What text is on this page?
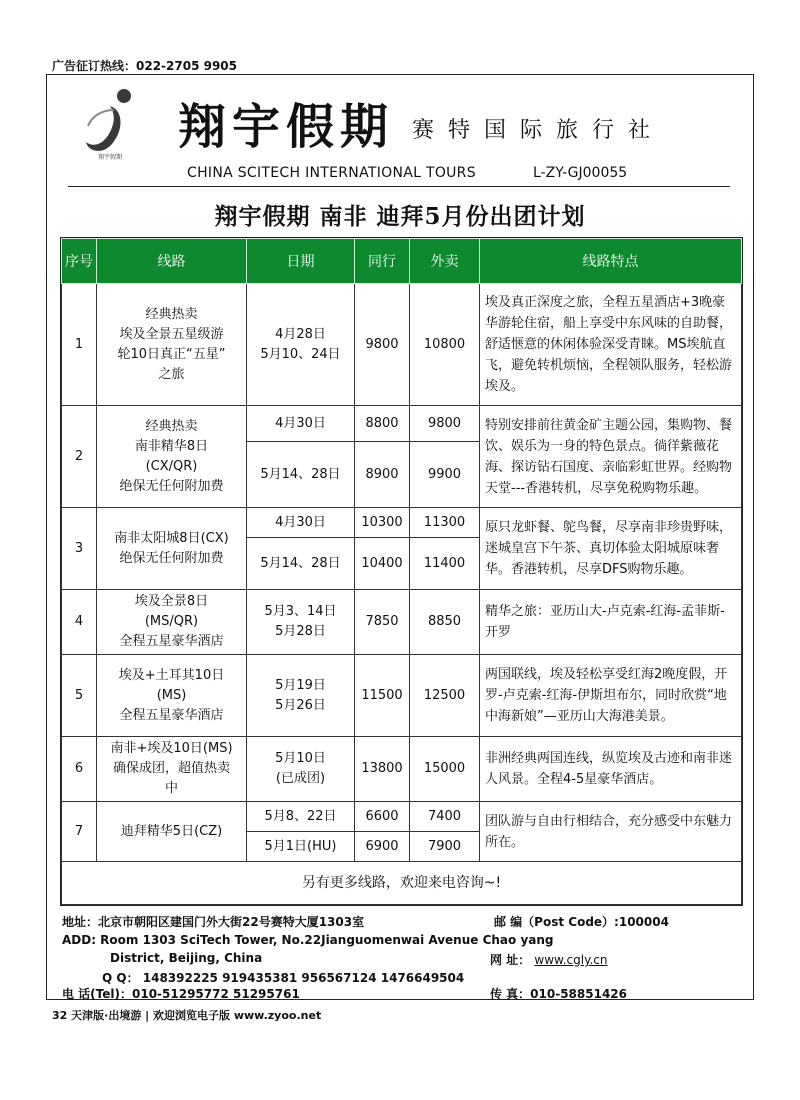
广告征订热线：022-2705 9905
翔宇假期
翔宇假期 赛特国际旅行社
CHINA SCITECH INTERNATIONAL TOURS	L-ZY-GJ00055
翔宇假期 南非 迪拜5月份出团计划
序号	线路	日期	同行	外卖	线路特点
1	经典热卖
埃及全景五星级游
轮10日真正“五星”
之旅	4月28日
5月10、24日	9800	10800	埃及真正深度之旅，全程五星酒店+3晚豪华游轮住宿，船上享受中东风味的自助餐，舒适惬意的休闲体验深受青睐。MS埃航直飞，避免转机烦恼，全程领队服务，轻松游埃及。
2	经典热卖
南非精华8日
(CX/QR)
绝保无任何附加费	4月30日	8800	9800	特别安排前往黄金矿主题公园，集购物、餐饮、娱乐为一身的特色景点。徜徉紫薇花海、探访钻石国度、亲临彩虹世界。经购物天堂---香港转机，尽享免税购物乐趣。
		5月14、28日	8900	9900	
3	南非太阳城8日(CX)
绝保无任何附加费	4月30日	10300	11300	原只龙虾餐、鸵鸟餐，尽享南非珍贵野味，迷城皇宫下午茶、真切体验太阳城原味奢华。香港转机，尽享DFS购物乐趣。
		5月14、28日	10400	11400	
4	埃及全景8日
(MS/QR)
全程五星豪华酒店	5月3、14日
5月28日	7850	8850	精华之旅：亚历山大-卢克索-红海-孟菲斯-开罗
5	埃及+土耳其10日
(MS)
全程五星豪华酒店	5月19日
5月26日	11500	12500	两国联线，埃及轻松享受红海2晚度假，开罗-卢克索-红海-伊斯坦布尔，同时欣赏“地中海新娘”—亚历山大海港美景。
6	南非+埃及10日(MS)
确保成团，超值热卖
中	5月10日
(已成团)	13800	15000	非洲经典两国连线，纵览埃及古迹和南非迷人风景。全程4-5星豪华酒店。
7	迪拜精华5日(CZ)	5月8、22日	6600	7400	团队游与自由行相结合，充分感受中东魅力所在。
		5月1日(HU)	6900	7900	
另有更多线路，欢迎来电咨询~!					
地址：北京市朝阳区建国门外大街22号赛特大厦1303室	邮 编（Post Code）:100004
ADD: Room 1303 SciTech Tower, No.22Jianguomenwai Avenue Chao yang
District, Beijing, China	网 址： www.cgly.cn
Q Q： 148392225 919435381 956567124 1476649504
电 话(Tel)：010-51295772 51295761	传 真：010-58851426
32 天津版·出境游 | 欢迎浏览电子版 www.zyoo.net
